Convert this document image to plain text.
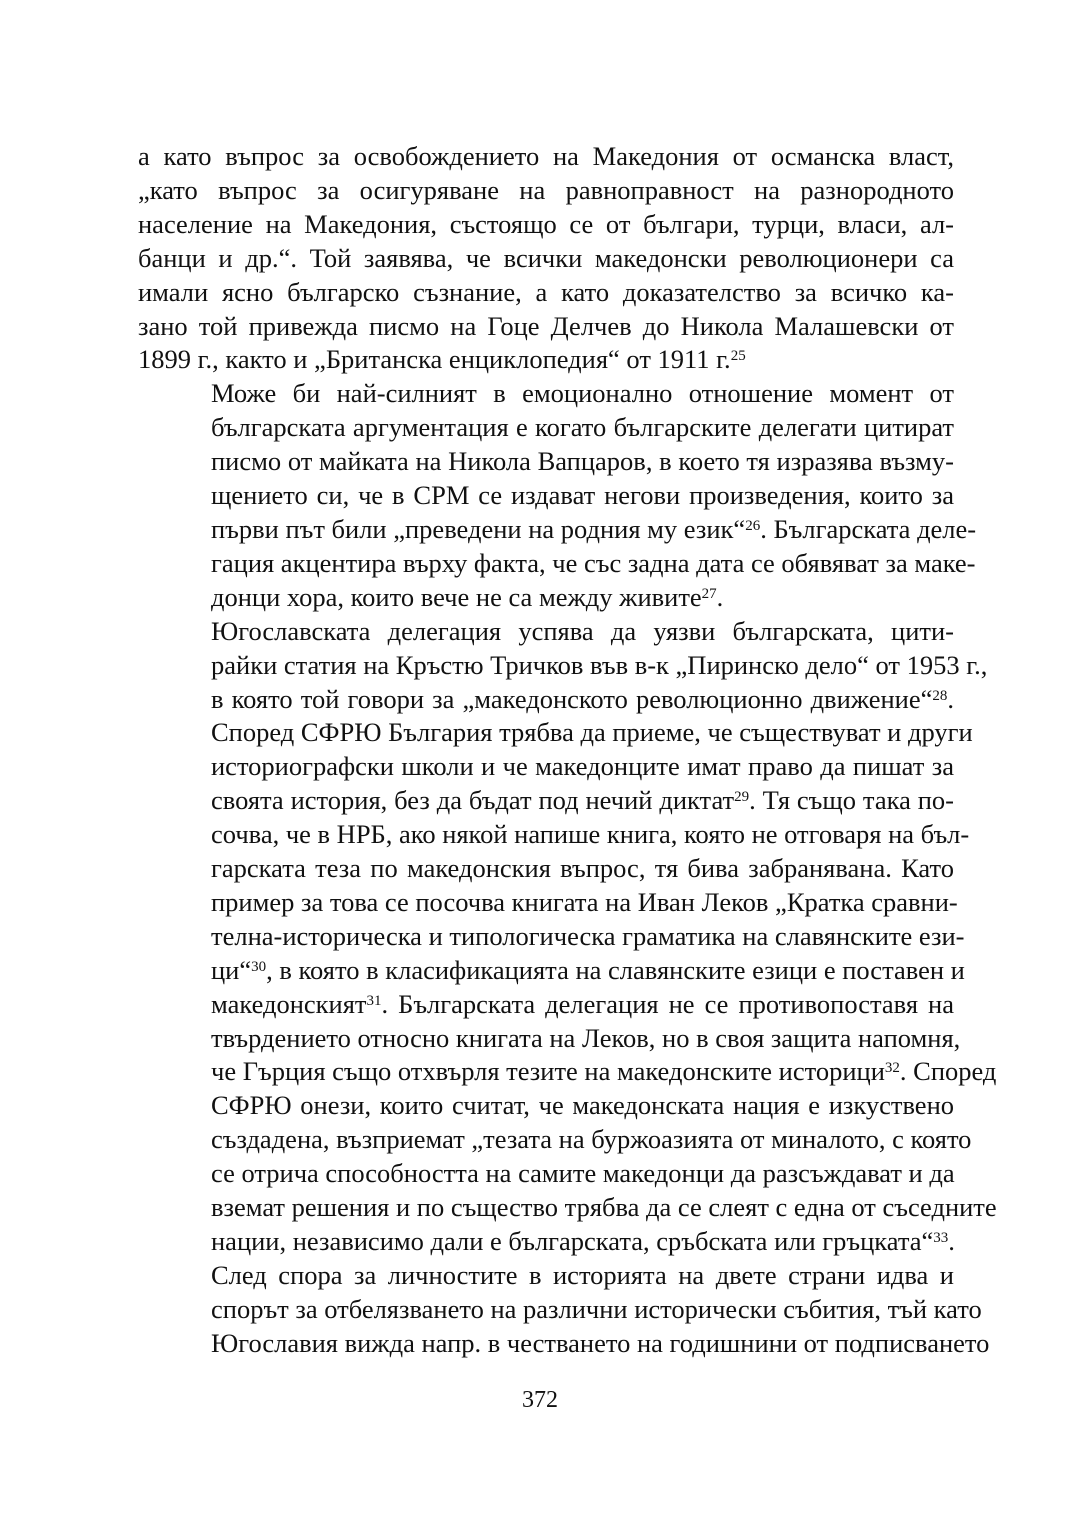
а като въпрос за освобождението на Македония от османска власт,
„като въпрос за осигуряване на равноправност на разнородното
население на Македония, състоящо се от българи, турци, власи, ал-
банци и др.“. Той заявява, че всички македонски революционери са
имали ясно българско съзнание, а като доказателство за всичко ка-
зано той привежда писмо на Гоце Делчев до Никола Малашевски от
1899 г., както и „Британска енциклопедия“ от 1911 г.$^{25}$

Може би най-силният в емоционално отношение момент от
българската аргументация е когато българските делегати цитират
писмо от майката на Никола Вапцаров, в което тя изразява възму-
щението си, че в СРМ се издават негови произведения, които за
първи път били „преведени на родния му език“$^{26}$. Българската деле-
гация акцентира върху факта, че със задна дата се обявяват за маке-
донци хора, които вече не са между живите$^{27}$.

Югославската делегация успява да уязви българската, цити-
райки статия на Кръстю Тричков във в-к „Пиринско дело“ от 1953 г.,
в която той говори за „македонското революционно движение“$^{28}$.
Според СФРЮ България трябва да приеме, че съществуват и други
историографски школи и че македонците имат право да пишат за
своята история, без да бъдат под нечий диктат$^{29}$. Тя също така по-
сочва, че в НРБ, ако някой напише книга, която не отговаря на бъл-
гарската теза по македонския въпрос, тя бива забранявана. Като
пример за това се посочва книгата на Иван Леков „Кратка сравни-
телна-историческа и типологическа граматика на славянските ези-
ци“$^{30}$, в която в класификацията на славянските езици е поставен и
македонският$^{31}$. Българската делегация не се противопоставя на
твърдението относно книгата на Леков, но в своя защита напомня,
че Гърция също отхвърля тезите на македонските историци$^{32}$. Според
СФРЮ онези, които считат, че македонската нация е изкуствено
създадена, възприемат „тезата на буржоазията от миналото, с която
се отрича способността на самите македонци да разсъждават и да
вземат решения и по същество трябва да се слеят с една от съседните
нации, независимо дали е българската, сръбската или гръцката“$^{33}$.

След спора за личностите в историята на двете страни идва и
спорът за отбелязването на различни исторически събития, тъй като
Югославия вижда напр. в честването на годишнини от подписването

372
